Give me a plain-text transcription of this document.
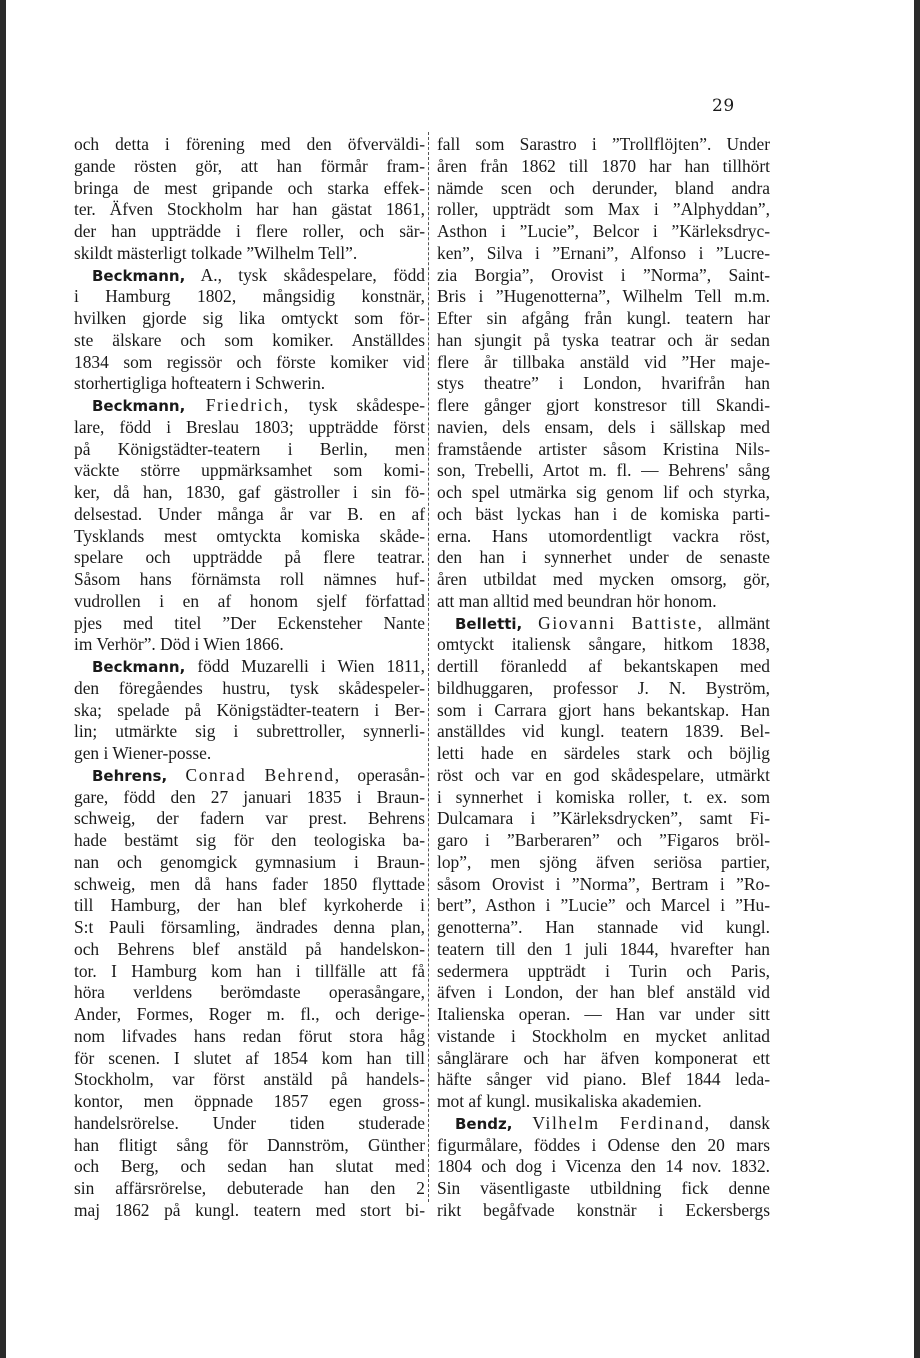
29
och detta i förening med den öfverväldi-
gande rösten gör, att han förmår fram-
bringa de mest gripande och starka effek-
ter. Äfven Stockholm har han gästat 1861,
der han uppträdde i flere roller, och sär-
skildt mästerligt tolkade ”Wilhelm Tell”.
Beckmann, A., tysk skådespelare, född
i Hamburg 1802, mångsidig konstnär,
hvilken gjorde sig lika omtyckt som för-
ste älskare och som komiker. Anställdes
1834 som regissör och förste komiker vid
storhertigliga hofteatern i Schwerin.
Beckmann, Friedrich, tysk skådespe-
lare, född i Breslau 1803; uppträdde först
på Königstädter-teatern i Berlin, men
väckte större uppmärksamhet som komi-
ker, då han, 1830, gaf gästroller i sin fö-
delsestad. Under många år var B. en af
Tysklands mest omtyckta komiska skåde-
spelare och uppträdde på flere teatrar.
Såsom hans förnämsta roll nämnes huf-
vudrollen i en af honom sjelf författad
pjes med titel ”Der Eckensteher Nante
im Verhör”. Död i Wien 1866.
Beckmann, född Muzarelli i Wien 1811,
den föregåendes hustru, tysk skådespeler-
ska; spelade på Königstädter-teatern i Ber-
lin; utmärkte sig i subrettroller, synnerli-
gen i Wiener-posse.
Behrens, Conrad Behrend, operasån-
gare, född den 27 januari 1835 i Braun-
schweig, der fadern var prest. Behrens
hade bestämt sig för den teologiska ba-
nan och genomgick gymnasium i Braun-
schweig, men då hans fader 1850 flyttade
till Hamburg, der han blef kyrkoherde i
S:t Pauli församling, ändrades denna plan,
och Behrens blef anstäld på handelskon-
tor. I Hamburg kom han i tillfälle att få
höra verldens berömdaste operasångare,
Ander, Formes, Roger m. fl., och derige-
nom lifvades hans redan förut stora håg
för scenen. I slutet af 1854 kom han till
Stockholm, var först anstäld på handels-
kontor, men öppnade 1857 egen gross-
handelsrörelse. Under tiden studerade
han flitigt sång för Dannström, Günther
och Berg, och sedan han slutat med
sin affärsrörelse, debuterade han den 2
maj 1862 på kungl. teatern med stort bi-
fall som Sarastro i ”Trollflöjten”. Under
åren från 1862 till 1870 har han tillhört
nämde scen och derunder, bland andra
roller, uppträdt som Max i ”Alphyddan”,
Asthon i ”Lucie”, Belcor i ”Kärleksdryc-
ken”, Silva i ”Ernani”, Alfonso i ”Lucre-
zia Borgia”, Orovist i ”Norma”, Saint-
Bris i ”Hugenotterna”, Wilhelm Tell m.m.
Efter sin afgång från kungl. teatern har
han sjungit på tyska teatrar och är sedan
flere år tillbaka anstäld vid ”Her maje-
stys theatre” i London, hvarifrån han
flere gånger gjort konstresor till Skandi-
navien, dels ensam, dels i sällskap med
framstående artister såsom Kristina Nils-
son, Trebelli, Artot m. fl. — Behrens' sång
och spel utmärka sig genom lif och styrka,
och bäst lyckas han i de komiska parti-
erna. Hans utomordentligt vackra röst,
den han i synnerhet under de senaste
åren utbildat med mycken omsorg, gör,
att man alltid med beundran hör honom.
Belletti, Giovanni Battiste, allmänt
omtyckt italiensk sångare, hitkom 1838,
dertill föranledd af bekantskapen med
bildhuggaren, professor J. N. Byström,
som i Carrara gjort hans bekantskap. Han
anställdes vid kungl. teatern 1839. Bel-
letti hade en särdeles stark och böjlig
röst och var en god skådespelare, utmärkt
i synnerhet i komiska roller, t. ex. som
Dulcamara i ”Kärleksdrycken”, samt Fi-
garo i ”Barberaren” och ”Figaros bröl-
lop”, men sjöng äfven seriösa partier,
såsom Orovist i ”Norma”, Bertram i ”Ro-
bert”, Asthon i ”Lucie” och Marcel i ”Hu-
genotterna”. Han stannade vid kungl.
teatern till den 1 juli 1844, hvarefter han
sedermera uppträdt i Turin och Paris,
äfven i London, der han blef anstäld vid
Italienska operan. — Han var under sitt
vistande i Stockholm en mycket anlitad
sånglärare och har äfven komponerat ett
häfte sånger vid piano. Blef 1844 leda-
mot af kungl. musikaliska akademien.
Bendz, Vilhelm Ferdinand, dansk
figurmålare, föddes i Odense den 20 mars
1804 och dog i Vicenza den 14 nov. 1832.
Sin väsentligaste utbildning fick denne
rikt begåfvade konstnär i Eckersbergs
